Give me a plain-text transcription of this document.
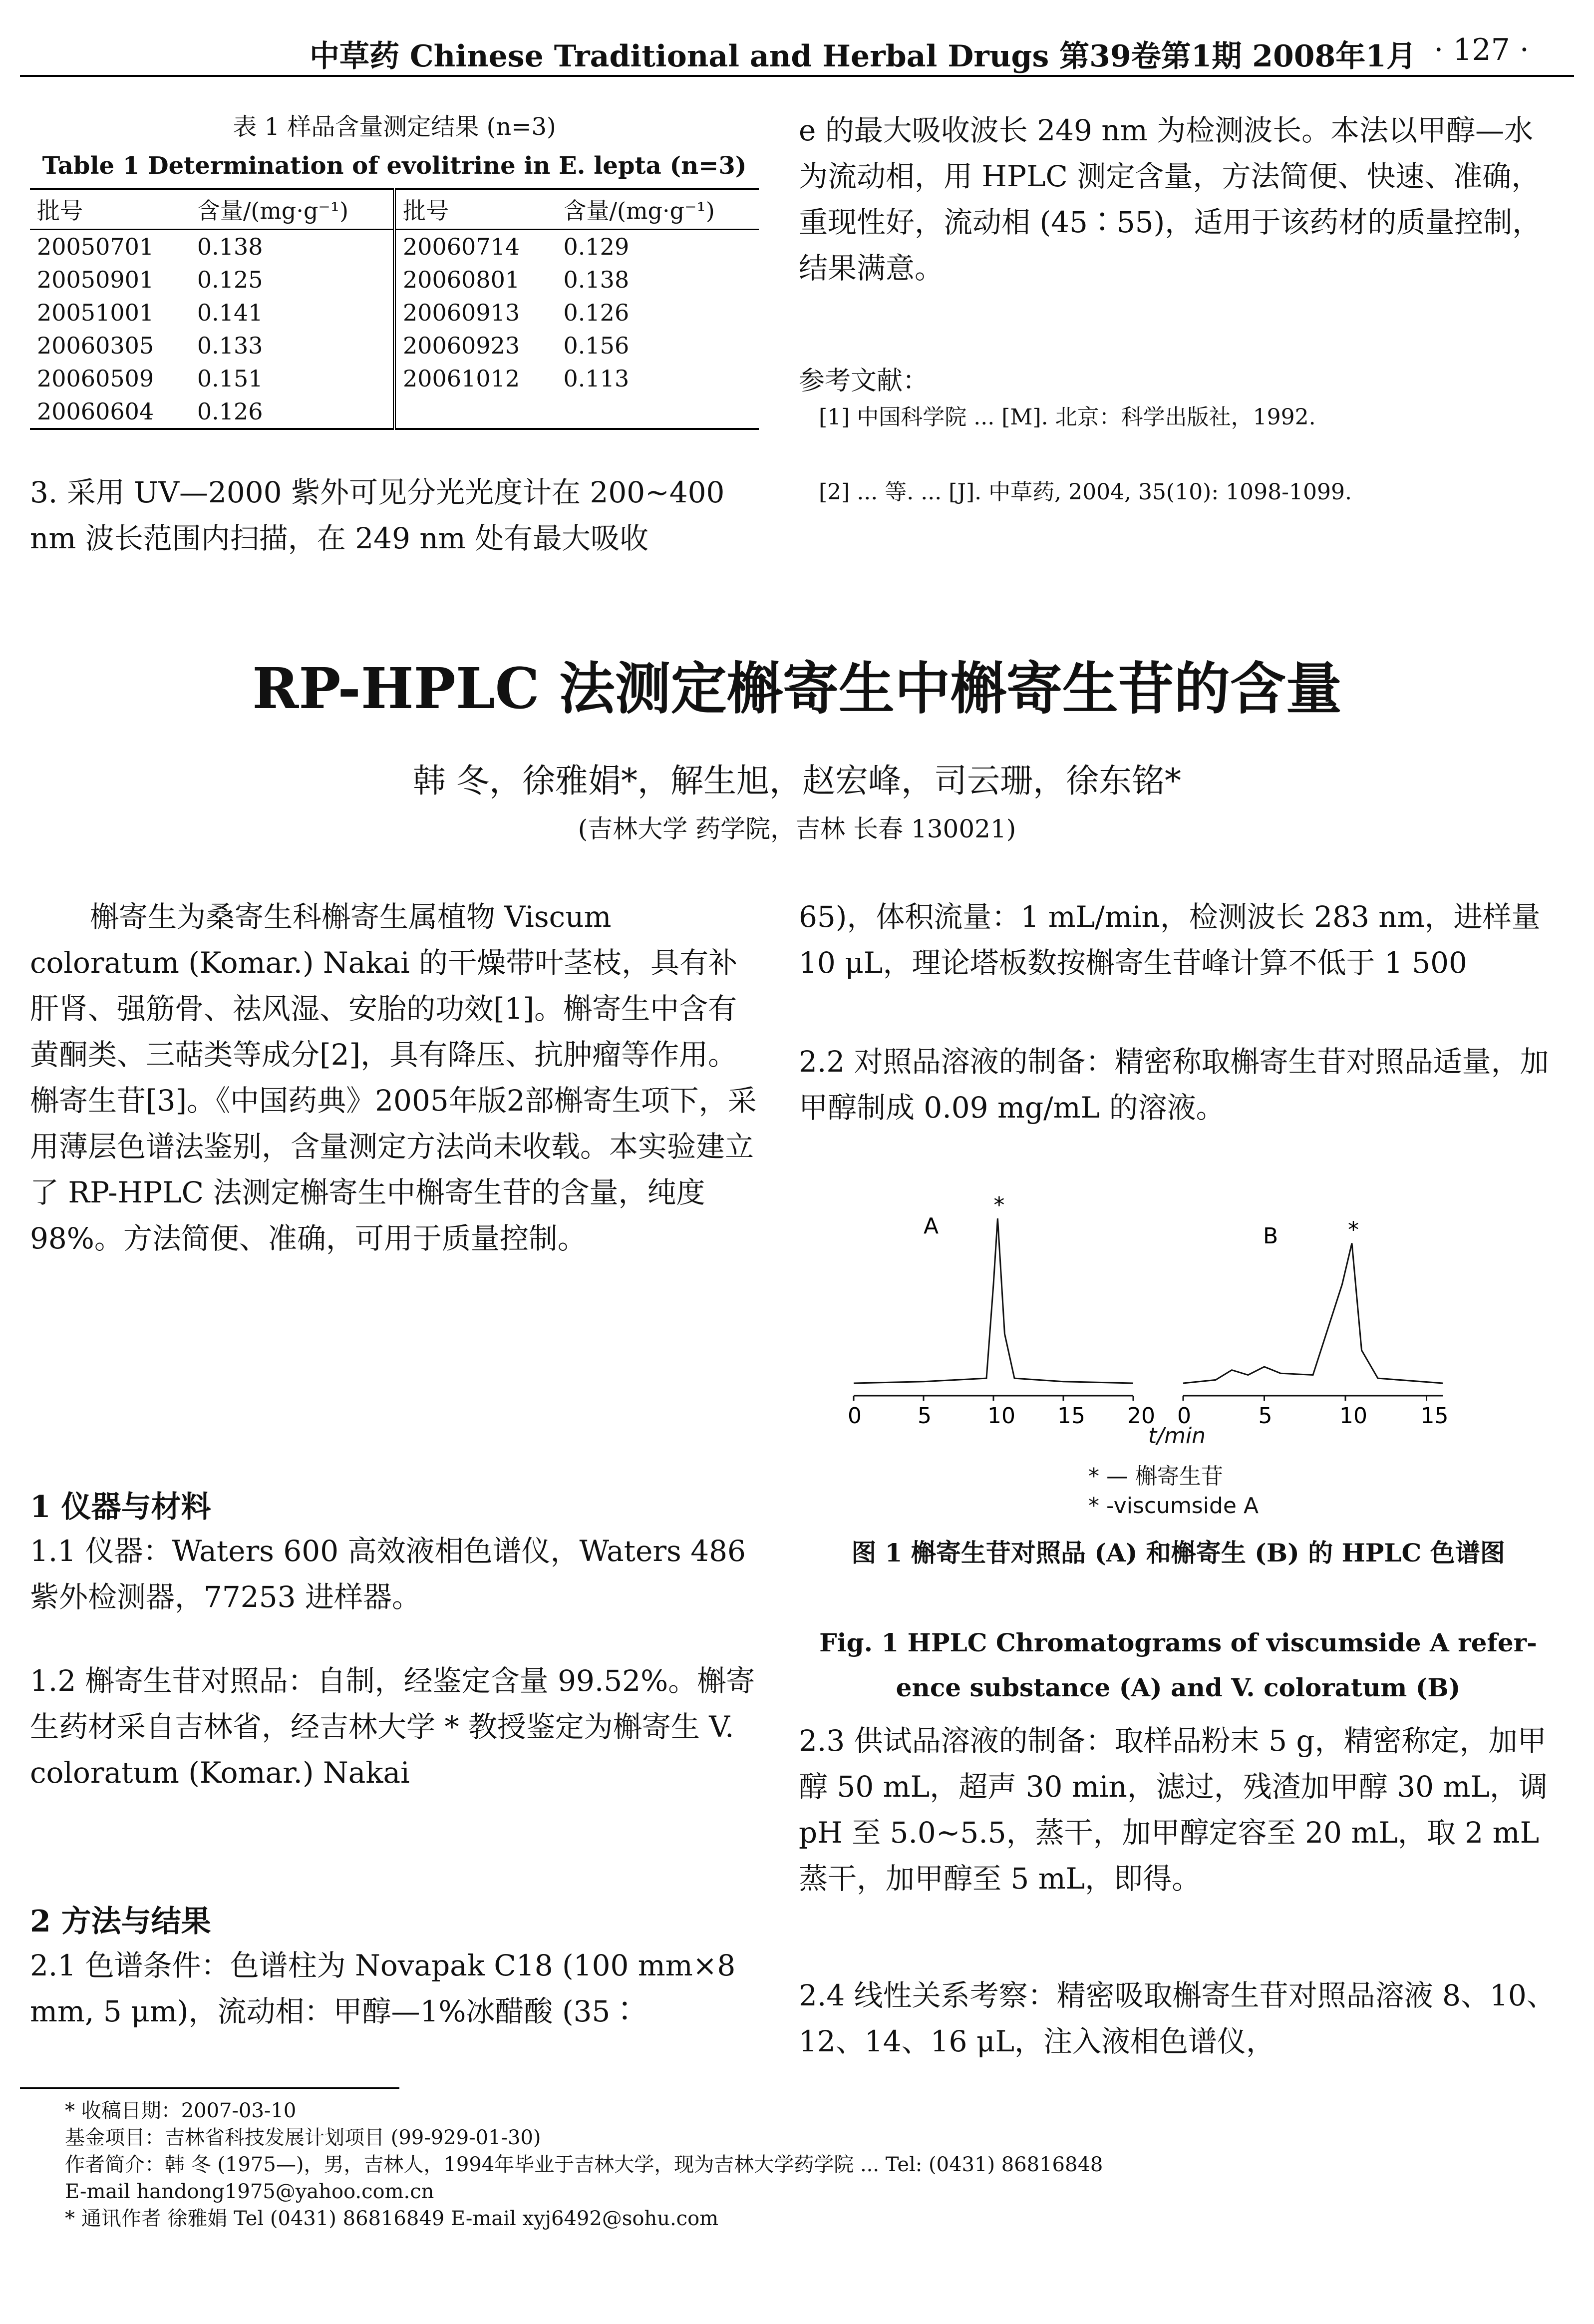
中草药 Chinese Traditional and Herbal Drugs 第39卷第1期 2008年1月 · 127 ·
表 1 样品含量测定结果 (n=3)
Table 1 Determination of evolitrine in E. lepta (n=3)
批号	含量/(mg·g⁻¹)	批号	含量/(mg·g⁻¹)
20050701	0.138	20060714	0.129
20050901	0.125	20060801	0.138
20051001	0.141	20060913	0.126
20060305	0.133	20060923	0.156
20060509	0.151	20061012	0.113
20060604	0.126		
3. 采用 UV—2000 紫外可见分光光度计在 200~400 nm 波长范围内扫描，在 249 nm 处有最大吸收
e 的最大吸收波长 249 nm 为检测波长。本法以甲醇—水为流动相，用 HPLC 测定含量，方法简便、快速、准确，重现性好，流动相 (45∶55)，适用于该药材的质量控制，结果满意。
参考文献：
[1] 中国科学院 ... [M]. 北京：科学出版社，1992.
[2] ... 等. ... [J]. 中草药, 2004, 35(10): 1098-1099.
RP-HPLC 法测定槲寄生中槲寄生苷的含量
韩 冬，徐雅娟*，解生旭，赵宏峰，司云珊，徐东铭*
(吉林大学 药学院，吉林 长春 130021)
槲寄生为桑寄生科槲寄生属植物 Viscum coloratum (Komar.) Nakai 的干燥带叶茎枝，具有补肝肾、强筋骨、祛风湿、安胎的功效[1]。槲寄生中含有黄酮类、三萜类等成分[2]，具有降压、抗肿瘤等作用。槲寄生苷[3]。《中国药典》2005年版2部槲寄生项下，采用薄层色谱法鉴别，含量测定方法尚未收载。本实验建立了 RP-HPLC 法测定槲寄生中槲寄生苷的含量，纯度 98%。方法简便、准确，可用于质量控制。
1 仪器与材料
1.1 仪器：Waters 600 高效液相色谱仪，Waters 486 紫外检测器，77253 进样器。
1.2 槲寄生苷对照品：自制，经鉴定含量 99.52%。槲寄生药材采自吉林省，经吉林大学 * 教授鉴定为槲寄生 V. coloratum (Komar.) Nakai
2 方法与结果
2.1 色谱条件：色谱柱为 Novapak C18 (100 mm×8 mm, 5 μm)，流动相：甲醇—1%冰醋酸 (35∶
65)，体积流量：1 mL/min，检测波长 283 nm，进样量 10 μL，理论塔板数按槲寄生苷峰计算不低于 1 500
2.2 对照品溶液的制备：精密称取槲寄生苷对照品适量，加甲醇制成 0.09 mg/mL 的溶液。
A	B
*
0	5	10 15 20
*
0	5	10 15
t/min
* — 槲寄生苷
* -viscumside A
图 1 槲寄生苷对照品 (A) 和槲寄生 (B) 的 HPLC 色谱图
Fig. 1 HPLC Chromatograms of viscumside A refer-
ence substance (A) and V. coloratum (B)
2.3 供试品溶液的制备：取样品粉末 5 g，精密称定，加甲醇 50 mL，超声 30 min，滤过，残渣加甲醇 30 mL，调 pH 至 5.0~5.5，蒸干，加甲醇定容至 20 mL，取 2 mL 蒸干，加甲醇至 5 mL，即得。
2.4 线性关系考察：精密吸取槲寄生苷对照品溶液 8、10、12、14、16 μL，注入液相色谱仪，
* 收稿日期：2007-03-10
基金项目：吉林省科技发展计划项目 (99-929-01-30)
作者简介：韩 冬 (1975—)，男，吉林人，1994年毕业于吉林大学，现为吉林大学药学院 ... Tel: (0431) 86816848
E-mail handong1975@yahoo.com.cn
* 通讯作者 徐雅娟 Tel (0431) 86816849 E-mail xyj6492@sohu.com
